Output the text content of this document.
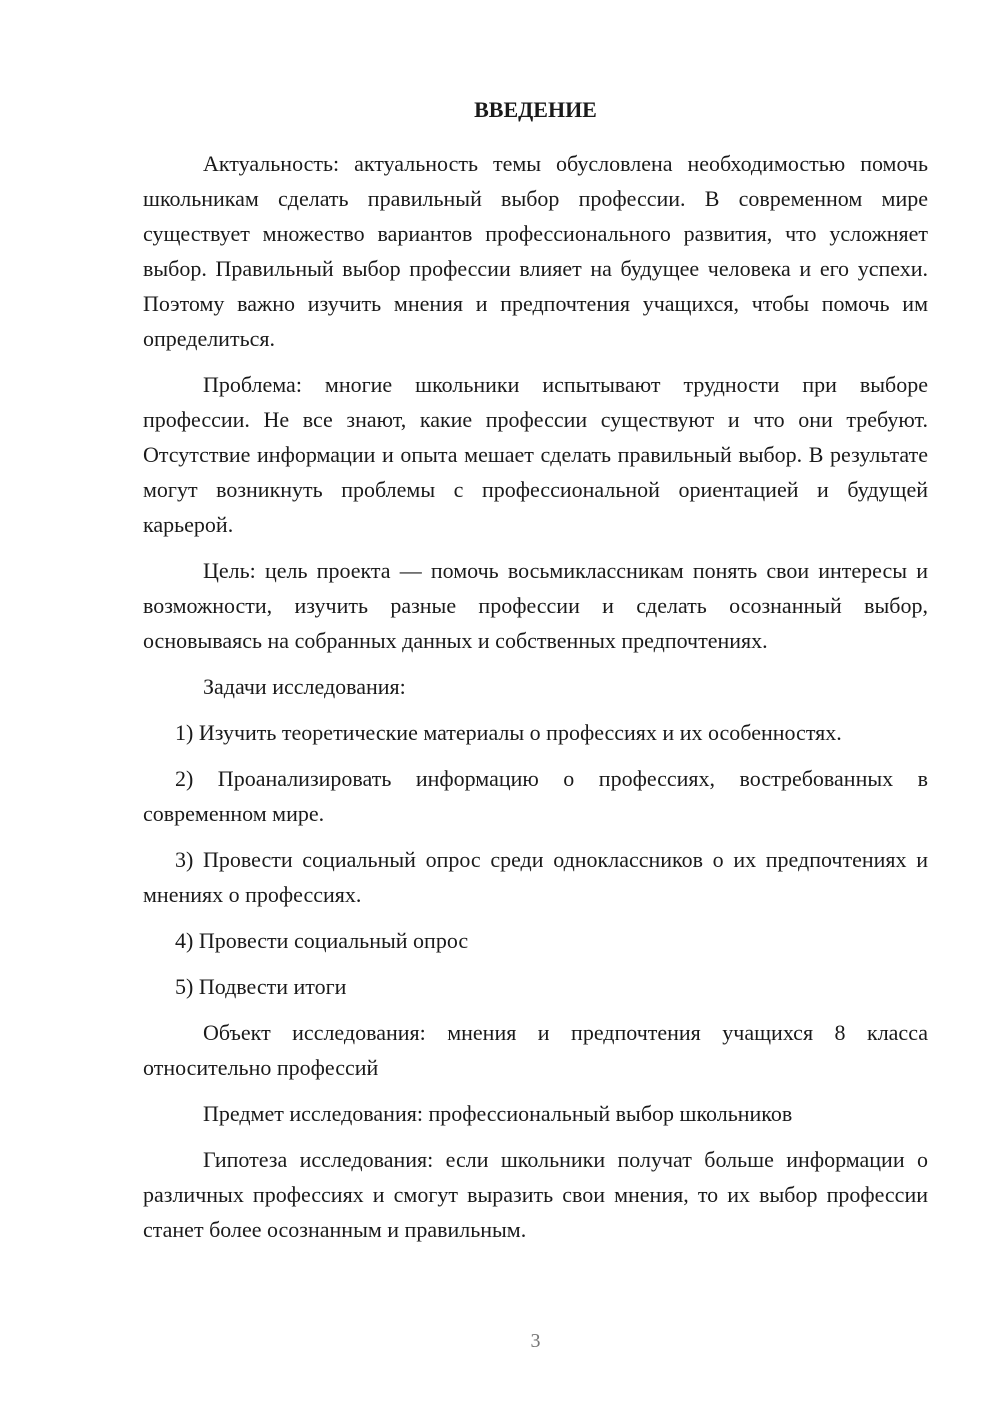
ВВЕДЕНИЕ

Актуальность: актуальность темы обусловлена необходимостью помочь школьникам сделать правильный выбор профессии. В современном мире существует множество вариантов профессионального развития, что усложняет выбор. Правильный выбор профессии влияет на будущее человека и его успехи. Поэтому важно изучить мнения и предпочтения учащихся, чтобы помочь им определиться.

Проблема: многие школьники испытывают трудности при выборе профессии. Не все знают, какие профессии существуют и что они требуют. Отсутствие информации и опыта мешает сделать правильный выбор. В результате могут возникнуть проблемы с профессиональной ориентацией и будущей карьерой.

Цель: цель проекта — помочь восьмиклассникам понять свои интересы и возможности, изучить разные профессии и сделать осознанный выбор, основываясь на собранных данных и собственных предпочтениях.

Задачи исследования:

1) Изучить теоретические материалы о профессиях и их особенностях.

2) Проанализировать информацию о профессиях, востребованных в современном мире.

3) Провести социальный опрос среди одноклассников о их предпочтениях и мнениях о профессиях.

4) Провести социальный опрос

5) Подвести итоги

Объект исследования: мнения и предпочтения учащихся 8 класса относительно профессий

Предмет исследования: профессиональный выбор школьников

Гипотеза исследования: если школьники получат больше информации о различных профессиях и смогут выразить свои мнения, то их выбор профессии станет более осознанным и правильным.

3
